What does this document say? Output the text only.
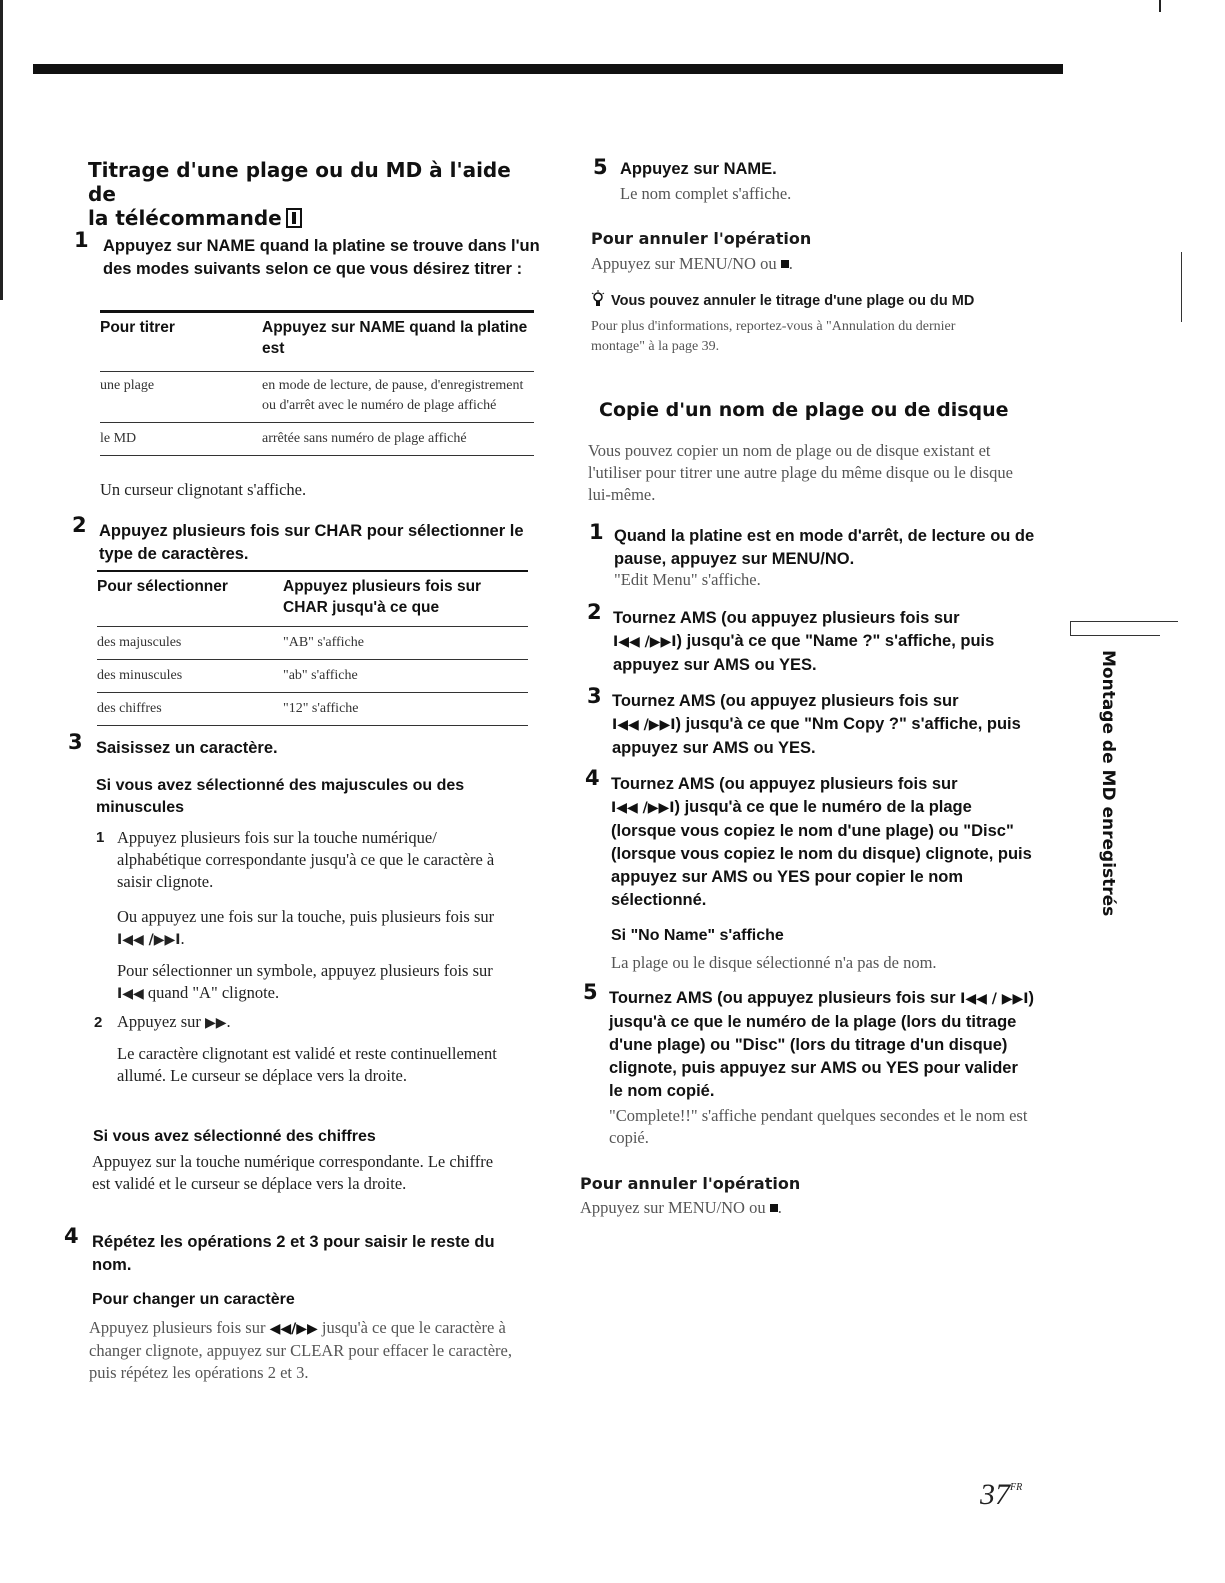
Titrage d'une plage ou du MD à l'aide de
la télécommande
1 Appuyez sur NAME quand la platine se trouve dans l'un des modes suivants selon ce que vous désirez titrer :
Pour titrer	Appuyez sur NAME quand la platine est
une plage	en mode de lecture, de pause, d'enregistrement ou d'arrêt avec le numéro de plage affiché
le MD	arrêtée sans numéro de plage affiché
Un curseur clignotant s'affiche.
2 Appuyez plusieurs fois sur CHAR pour sélectionner le type de caractères.
Pour sélectionner	Appuyez plusieurs fois sur CHAR jusqu'à ce que
des majuscules	"AB" s'affiche
des minuscules	"ab" s'affiche
des chiffres	"12" s'affiche
3 Saisissez un caractère.
Si vous avez sélectionné des majuscules ou des minuscules
1 Appuyez plusieurs fois sur la touche numérique/ alphabétique correspondante jusqu'à ce que le caractère à saisir clignote.
Ou appuyez une fois sur la touche, puis plusieurs fois sur I◀◀ /▶▶I.
Pour sélectionner un symbole, appuyez plusieurs fois sur I◀◀ quand "A" clignote.
2 Appuyez sur ▶▶.
Le caractère clignotant est validé et reste continuellement allumé. Le curseur se déplace vers la droite.
Si vous avez sélectionné des chiffres
Appuyez sur la touche numérique correspondante. Le chiffre est validé et le curseur se déplace vers la droite.
4 Répétez les opérations 2 et 3 pour saisir le reste du nom.
Pour changer un caractère
Appuyez plusieurs fois sur ◀◀/▶▶ jusqu'à ce que le caractère à changer clignote, appuyez sur CLEAR pour effacer le caractère, puis répétez les opérations 2 et 3.
5 Appuyez sur NAME.
Le nom complet s'affiche.
Pour annuler l'opération
Appuyez sur MENU/NO ou .
Vous pouvez annuler le titrage d'une plage ou du MD
Pour plus d'informations, reportez-vous à "Annulation du dernier montage" à la page 39.
Copie d'un nom de plage ou de disque
Vous pouvez copier un nom de plage ou de disque existant et l'utiliser pour titrer une autre plage du même disque ou le disque lui-même.
1 Quand la platine est en mode d'arrêt, de lecture ou de pause, appuyez sur MENU/NO.
"Edit Menu" s'affiche.
2 Tournez AMS (ou appuyez plusieurs fois sur
I◀◀ /▶▶I) jusqu'à ce que "Name ?" s'affiche, puis appuyez sur AMS ou YES.
3 Tournez AMS (ou appuyez plusieurs fois sur
I◀◀ /▶▶I) jusqu'à ce que "Nm Copy ?" s'affiche, puis appuyez sur AMS ou YES.
4 Tournez AMS (ou appuyez plusieurs fois sur
I◀◀ /▶▶I) jusqu'à ce que le numéro de la plage (lorsque vous copiez le nom d'une plage) ou "Disc" (lorsque vous copiez le nom du disque) clignote, puis appuyez sur AMS ou YES pour copier le nom sélectionné.
Si "No Name" s'affiche
La plage ou le disque sélectionné n'a pas de nom.
5 Tournez AMS (ou appuyez plusieurs fois sur I◀◀ / ▶▶I) jusqu'à ce que le numéro de la plage (lors du titrage d'une plage) ou "Disc" (lors du titrage d'un disque) clignote, puis appuyez sur AMS ou YES pour valider le nom copié.
"Complete!!" s'affiche pendant quelques secondes et le nom est copié.
Pour annuler l'opération
Appuyez sur MENU/NO ou .
Montage de MD enregistrés
$37^{FR}$
